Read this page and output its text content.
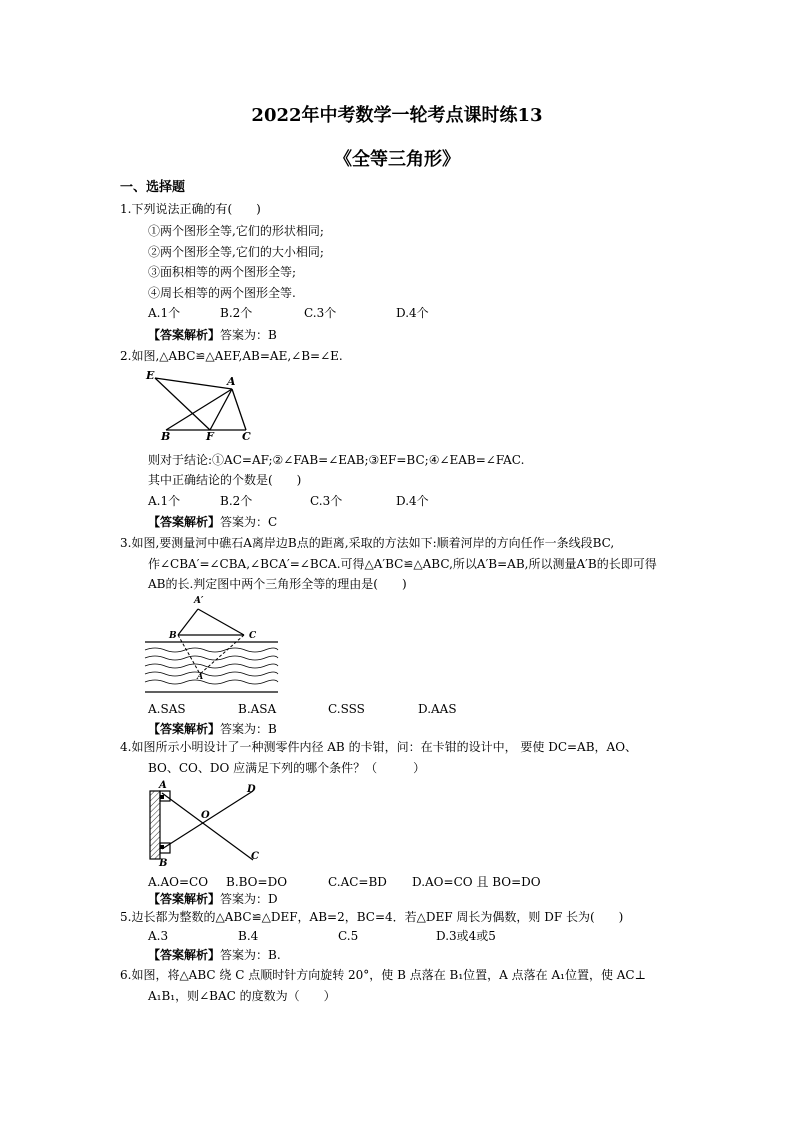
2022年中考数学一轮考点课时练13
《全等三角形》
一、选择题
1.下列说法正确的有(　　)
①两个图形全等,它们的形状相同;
②两个图形全等,它们的大小相同;
③面积相等的两个图形全等;
④周长相等的两个图形全等.
A.1个	B.2个	C.3个	D.4个
【答案解析】答案为：B
2.如图,△ABC≌△AEF,AB=AE,∠B=∠E.
E	A
B	F	C
则对于结论:①AC=AF;②∠FAB=∠EAB;③EF=BC;④∠EAB=∠FAC.
其中正确结论的个数是(　　)
A.1个	B.2个	C.3个	D.4个
【答案解析】答案为：C
3.如图,要测量河中礁石A离岸边B点的距离,采取的方法如下:顺着河岸的方向任作一条线段BC,
作∠CBA′=∠CBA,∠BCA′=∠BCA.可得△A′BC≌△ABC,所以A′B=AB,所以测量A′B的长即可得
AB的长.判定图中两个三角形全等的理由是(　　)
A′
B	C
A
A.SAS	B.ASA	C.SSS	D.AAS
【答案解析】答案为：B
4.如图所示小明设计了一种测零件内径 AB 的卡钳，问：在卡钳的设计中， 要使 DC=AB，AO、
BO、CO、DO 应满足下列的哪个条件？（　　　）
A	D
O
B
C
A.AO=CO B.BO=DO	C.AC=BD D.AO=CO 且 BO=DO
【答案解析】答案为：D
5.边长都为整数的△ABC≌△DEF，AB=2，BC=4．若△DEF 周长为偶数，则 DF 长为(　　)
A.3	B.4	C.5	D.3或4或5
【答案解析】答案为：B.
6.如图，将△ABC 绕 C 点顺时针方向旋转 20°，使 B 点落在 B₁位置，A 点落在 A₁位置，使 AC⊥
A₁B₁，则∠BAC 的度数为（　　）
